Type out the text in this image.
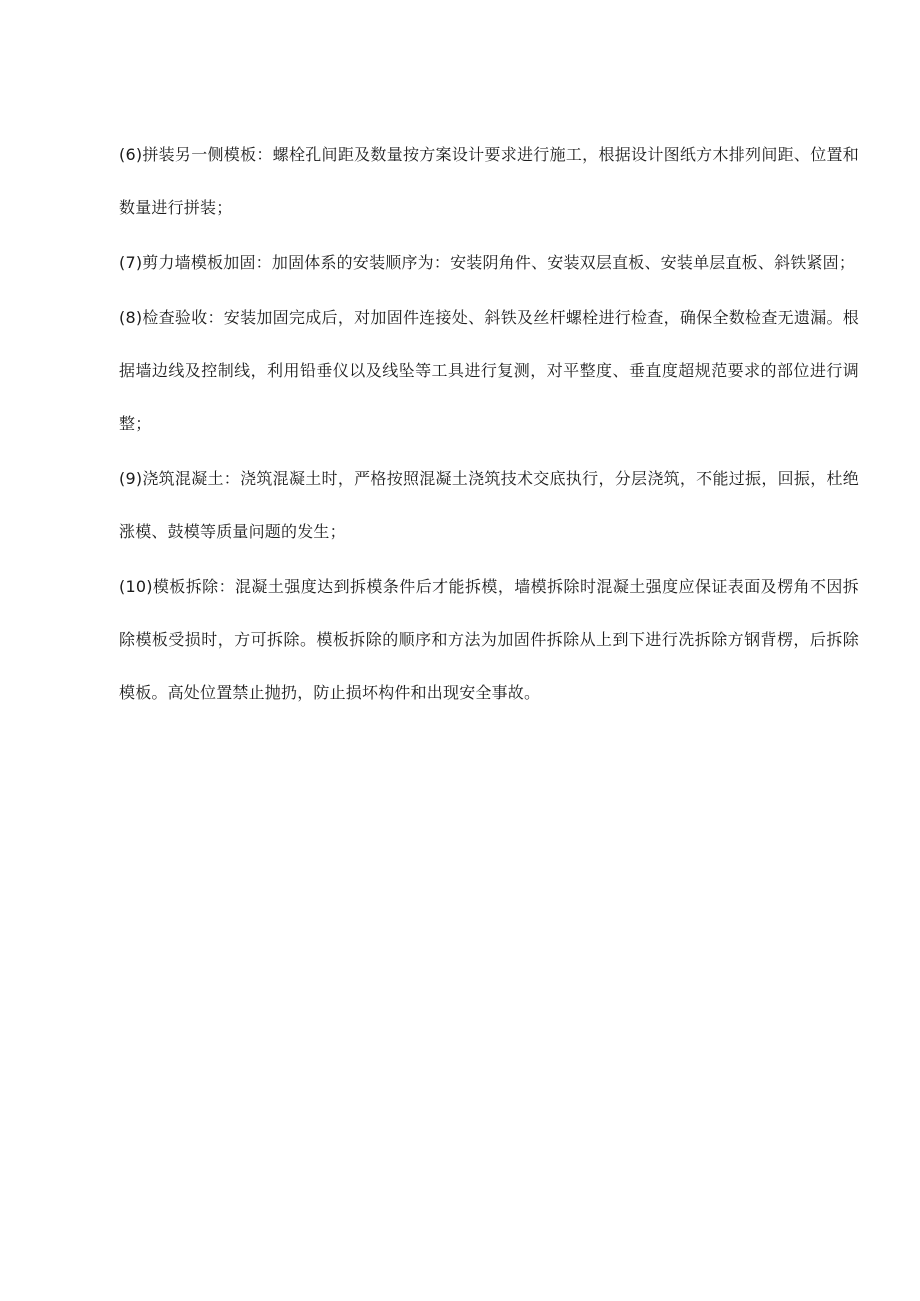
(6)拼装另一侧模板：螺栓孔间距及数量按方案设计要求进行施工，根据设计图纸方木排列间距、位置和数量进行拼装；

(7)剪力墙模板加固：加固体系的安装顺序为：安装阴角件、安装双层直板、安装单层直板、斜铁紧固；

(8)检查验收：安装加固完成后，对加固件连接处、斜铁及丝杆螺栓进行检查，确保全数检查无遗漏。根据墙边线及控制线，利用铅垂仪以及线坠等工具进行复测，对平整度、垂直度超规范要求的部位进行调整；

(9)浇筑混凝土：浇筑混凝土时，严格按照混凝土浇筑技术交底执行，分层浇筑，不能过振，回振，杜绝涨模、鼓模等质量问题的发生；

(10)模板拆除：混凝土强度达到拆模条件后才能拆模，墙模拆除时混凝土强度应保证表面及楞角不因拆除模板受损时，方可拆除。模板拆除的顺序和方法为加固件拆除从上到下进行冼拆除方钢背楞，后拆除模板。高处位置禁止抛扔，防止损坏构件和出现安全事故。
